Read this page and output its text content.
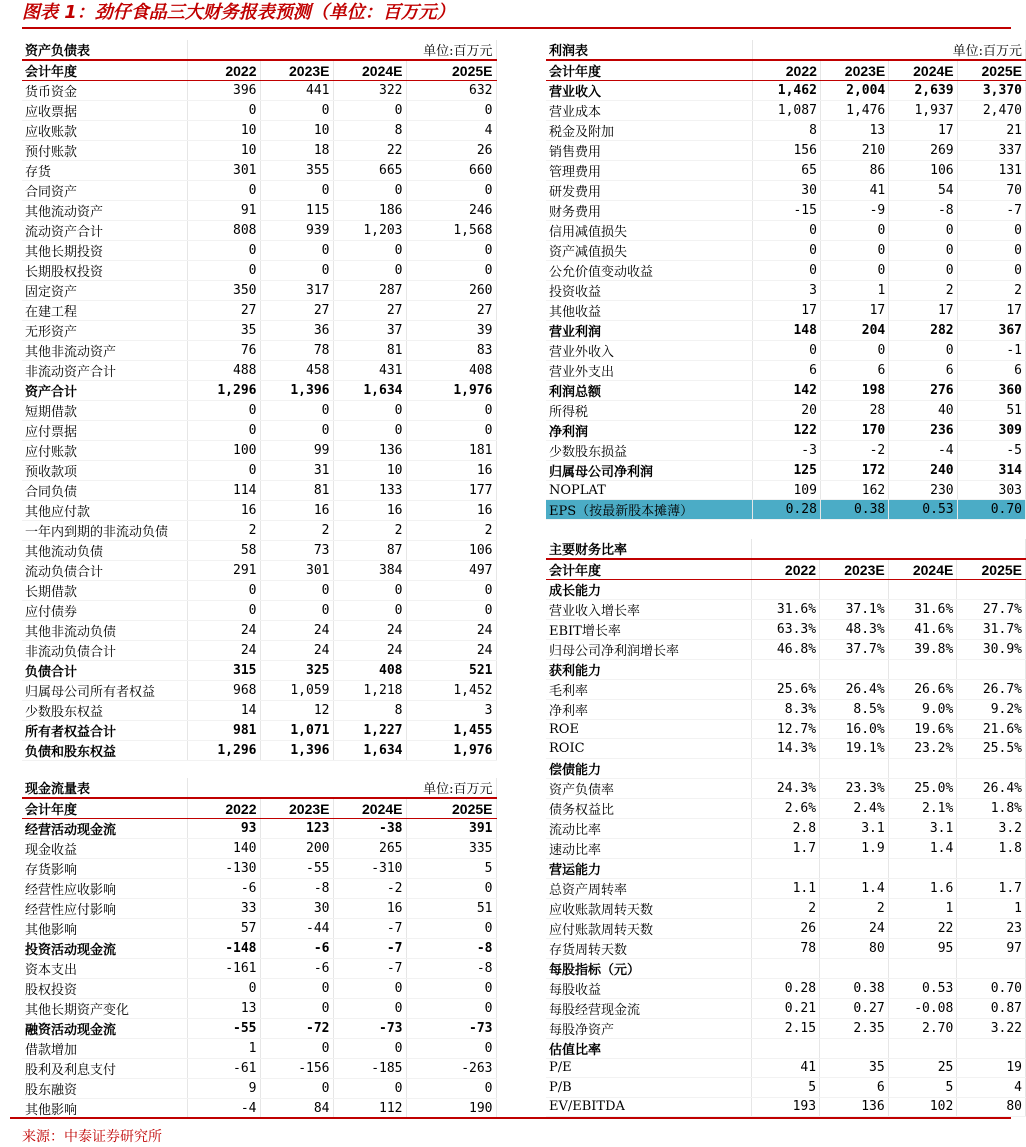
图表 1：劲仔食品三大财务报表预测（单位：百万元）
资产负债表	单位:百万元			
会计年度	2022	2023E	2024E	2025E
货币资金	396	441	322	632
应收票据	0	0	0	0
应收账款	10	10	8	4
预付账款	10	18	22	26
存货	301	355	665	660
合同资产	0	0	0	0
其他流动资产	91	115	186	246
流动资产合计	808	939	1,203	1,568
其他长期投资	0	0	0	0
长期股权投资	0	0	0	0
固定资产	350	317	287	260
在建工程	27	27	27	27
无形资产	35	36	37	39
其他非流动资产	76	78	81	83
非流动资产合计	488	458	431	408
资产合计	1,296	1,396	1,634	1,976
短期借款	0	0	0	0
应付票据	0	0	0	0
应付账款	100	99	136	181
预收款项	0	31	10	16
合同负债	114	81	133	177
其他应付款	16	16	16	16
一年内到期的非流动负债	2	2	2	2
其他流动负债	58	73	87	106
流动负债合计	291	301	384	497
长期借款	0	0	0	0
应付债券	0	0	0	0
其他非流动负债	24	24	24	24
非流动负债合计	24	24	24	24
负债合计	315	325	408	521
归属母公司所有者权益	968	1,059	1,218	1,452
少数股东权益	14	12	8	3
所有者权益合计	981	1,071	1,227	1,455
负债和股东权益	1,296	1,396	1,634	1,976
现金流量表	单位:百万元			
会计年度	2022	2023E	2024E	2025E
经营活动现金流	93	123	-38	391
现金收益	140	200	265	335
存货影响	-130	-55	-310	5
经营性应收影响	-6	-8	-2	0
经营性应付影响	33	30	16	51
其他影响	57	-44	-7	0
投资活动现金流	-148	-6	-7	-8
资本支出	-161	-6	-7	-8
股权投资	0	0	0	0
其他长期资产变化	13	0	0	0
融资活动现金流	-55	-72	-73	-73
借款增加	1	0	0	0
股利及利息支付	-61	-156	-185	-263
股东融资	9	0	0	0
其他影响	-4	84	112	190
利润表	单位:百万元			
会计年度	2022	2023E	2024E	2025E
营业收入	1,462	2,004	2,639	3,370
营业成本	1,087	1,476	1,937	2,470
税金及附加	8	13	17	21
销售费用	156	210	269	337
管理费用	65	86	106	131
研发费用	30	41	54	70
财务费用	-15	-9	-8	-7
信用减值损失	0	0	0	0
资产减值损失	0	0	0	0
公允价值变动收益	0	0	0	0
投资收益	3	1	2	2
其他收益	17	17	17	17
营业利润	148	204	282	367
营业外收入	0	0	0	-1
营业外支出	6	6	6	6
利润总额	142	198	276	360
所得税	20	28	40	51
净利润	122	170	236	309
少数股东损益	-3	-2	-4	-5
归属母公司净利润	125	172	240	314
NOPLAT	109	162	230	303
EPS（按最新股本摊薄）	0.28	0.38	0.53	0.70
主要财务比率				
会计年度	2022	2023E	2024E	2025E
成长能力				
营业收入增长率	31.6%	37.1%	31.6%	27.7%
EBIT增长率	63.3%	48.3%	41.6%	31.7%
归母公司净利润增长率	46.8%	37.7%	39.8%	30.9%
获利能力				
毛利率	25.6%	26.4%	26.6%	26.7%
净利率	8.3%	8.5%	9.0%	9.2%
ROE	12.7%	16.0%	19.6%	21.6%
ROIC	14.3%	19.1%	23.2%	25.5%
偿债能力				
资产负债率	24.3%	23.3%	25.0%	26.4%
债务权益比	2.6%	2.4%	2.1%	1.8%
流动比率	2.8	3.1	3.1	3.2
速动比率	1.7	1.9	1.4	1.8
营运能力				
总资产周转率	1.1	1.4	1.6	1.7
应收账款周转天数	2	2	1	1
应付账款周转天数	26	24	22	23
存货周转天数	78	80	95	97
每股指标（元）				
每股收益	0.28	0.38	0.53	0.70
每股经营现金流	0.21	0.27	-0.08	0.87
每股净资产	2.15	2.35	2.70	3.22
估值比率				
P/E	41	35	25	19
P/B	5	6	5	4
EV/EBITDA	193	136	102	80
来源：中泰证券研究所
